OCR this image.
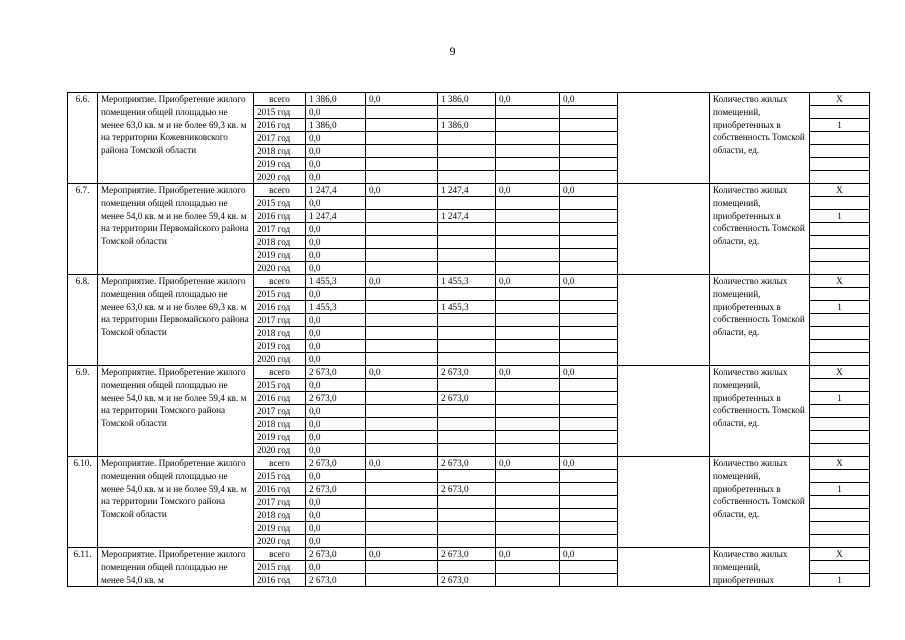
9
6.6.	Мероприятие. Приобретение жилого помещения общей площадью не менее 63,0 кв. м и не более 69,3 кв. м на территории Кожевниковского района Томской области	всего	1 386,0	0,0	1 386,0	0,0	0,0		Количество жилых помещений, приобретенных в собственность Томской области, ед.	Х
		2015 год	0,0							
		2016 год	1 386,0		1 386,0					1
		2017 год	0,0							
		2018 год	0,0							
		2019 год	0,0							
		2020 год	0,0							
6.7.	Мероприятие. Приобретение жилого помещения общей площадью не менее 54,0 кв. м и не более 59,4 кв. м на территории Первомайского района Томской области	всего	1 247,4	0,0	1 247,4	0,0	0,0		Количество жилых помещений, приобретенных в собственность Томской области, ед.	Х
		2015 год	0,0							
		2016 год	1 247,4		1 247,4					1
		2017 год	0,0							
		2018 год	0,0							
		2019 год	0,0							
		2020 год	0,0							
6.8.	Мероприятие. Приобретение жилого помещения общей площадью не менее 63,0 кв. м и не более 69,3 кв. м на территории Первомайского района Томской области	всего	1 455,3	0,0	1 455,3	0,0	0,0		Количество жилых помещений, приобретенных в собственность Томской области, ед.	Х
		2015 год	0,0							
		2016 год	1 455,3		1 455,3					1
		2017 год	0,0							
		2018 год	0,0							
		2019 год	0,0							
		2020 год	0,0							
6.9.	Мероприятие. Приобретение жилого помещения общей площадью не менее 54,0 кв. м и не более 59,4 кв. м на территории Томского района Томской области	всего	2 673,0	0,0	2 673,0	0,0	0,0		Количество жилых помещений, приобретенных в собственность Томской области, ед.	Х
		2015 год	0,0							
		2016 год	2 673,0		2 673,0					1
		2017 год	0,0							
		2018 год	0,0							
		2019 год	0,0							
		2020 год	0,0							
6.10.	Мероприятие. Приобретение жилого помещения общей площадью не менее 54,0 кв. м и не более 59,4 кв. м на территории Томского района Томской области	всего	2 673,0	0,0	2 673,0	0,0	0,0		Количество жилых помещений, приобретенных в собственность Томской области, ед.	Х
		2015 год	0,0							
		2016 год	2 673,0		2 673,0					1
		2017 год	0,0							
		2018 год	0,0							
		2019 год	0,0							
		2020 год	0,0							
6.11.	Мероприятие. Приобретение жилого помещения общей площадью не менее 54,0 кв. м	всего	2 673,0	0,0	2 673,0	0,0	0,0		Количество жилых помещений, приобретенных	Х
		2015 год	0,0							
		2016 год	2 673,0		2 673,0					1
